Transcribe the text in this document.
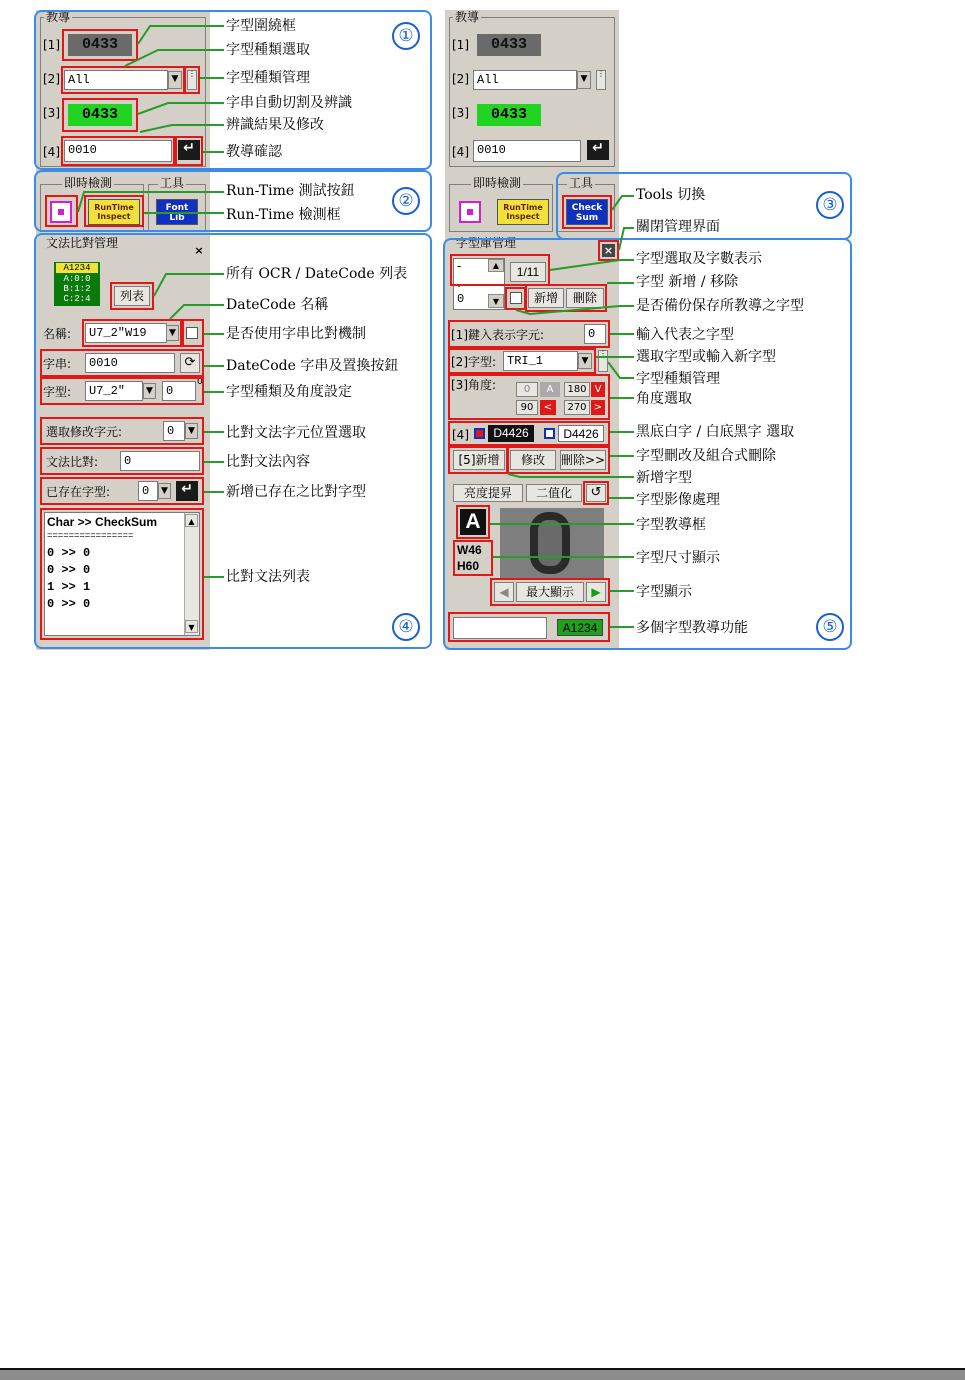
教導
[1]	0433
[2] All	▼
⋮
[3]	0433
[4] 0010	↵
即時檢測	工具
RunTime Inspect
Font Lib
文法比對管理
×
A1234
A:0:0
B:1:2
C:2:4	列表
名稱:	U7_2"W19	▼
字串:	0010	⟳
字型:	U7_2"	▼	0
0
選取修改字元:	0	▼
文法比對:	0
已存在字型:	0	▼ ↵
Char >> CheckSum
================
0 >> 0
0 >> 0
1 >> 1
0 >> 0
▲
▼
①
②
④
字型圍繞框
字型種類選取
字型種類管理
字串自動切割及辨識
辨識結果及修改
教導確認
Run-Time 測試按鈕
Run-Time 檢測框
所有 OCR / DateCode 列表
DateCode 名稱
是否使用字串比對機制
DateCode 字串及置換按鈕
字型種類及角度設定
比對文法字元位置選取
比對文法內容
新增已存在之比對字型
比對文法列表
教導
[1]	0433
[2] All	▼
⋮
[3]	0433
[4] 0010	↵
即時檢測	工具
RunTime Inspect
Check Sum
字型庫管理
×
-
.
0
▲
▼
1/11
新增	刪除
[1]鍵入表示字元:	0
[2]字型: TRI_1	▼
⋮
[3]角度:	0	A	180 V
90	<	270 >
[4]	D4426	D4426
[5]新增	修改	刪除>>
亮度提昇	二值化	↺
A
W46
H60
◀	最大顯示	▶
A1234
③
⑤
Tools 切換
關閉管理界面
字型選取及字數表示
字型 新增 / 移除
是否備份保存所教導之字型
輸入代表之字型
選取字型或輸入新字型
字型種類管理
角度選取
黑底白字 / 白底黑字 選取
字型刪改及組合式刪除
新增字型
字型影像處理
字型教導框
字型尺寸顯示
字型顯示
多個字型教導功能
